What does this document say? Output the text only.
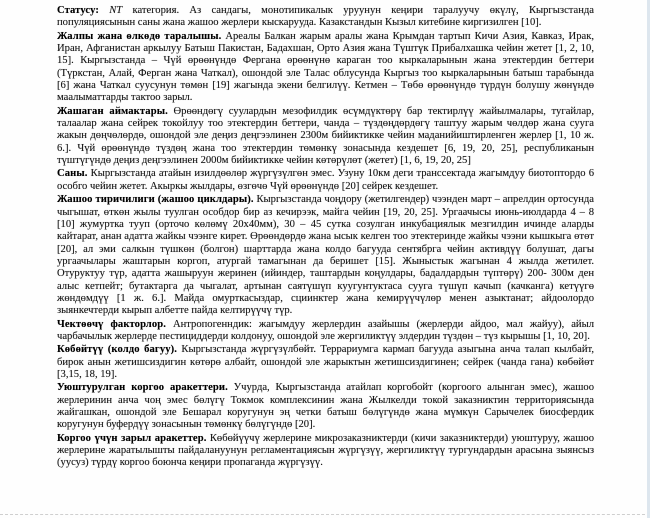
Статусу: NT категория. Аз сандагы, монотипикалык уруунун кеңири таралуучу өкүлү, Кыргызстанда популяциясынын саны жана жашоо жерлери кыскарууда. Казакстандын Кызыл китебине киргизилген [10].

Жалпы жана өлкөдө таралышы. Ареалы Балкан жарым аралы жана Крымдан тартып Кичи Азия, Кавказ, Ирак, Иран, Афганистан аркылуу Батыш Пакистан, Бадахшан, Орто Азия жана Түштүк Прибалхашка чейин жетет [1, 2, 10, 15]. Кыргызстанда – Чүй өрөөнүндө Фергана өрөөнүнө караган тоо кыркаларынын жана этектердин беттери (Түркстан, Алай, Ферган жана Чаткал), ошондой эле Талас облусунда Кыргыз тоо кыркаларынын батыш тарабында [6] жана Чаткал суусунун төмөн [19] жагында экени белгилүү. Кетмен – Төбө өрөөнүндө түрдүн болушу жөнүндө маалыматтарды тактоо зарыл.

Жашаган аймактары. Өрөөндөгү суулардын мезофилдик өсүмдүктөрү бар тектирлүү жайылмалары, тугайлар, талаалар жана сейрек токойлуу тоо этектердин беттери, чанда – түздөңдөрдөгү таштуу жарым чөлдөр жана сууга жакын дөңчөлөрдө, ошондой эле деңиз деңгээлинен 2300м бийиктикке чейин маданийиштирленген жерлер [1, 10 ж. 6.]. Чүй өрөөнүндө түздөң жана тоо этектердин төмөнкү зонасында кездешет [6, 19, 20, 25], республиканын түштүгүндө деңиз деңгээлинен 2000м бийиктикке чейин көтөрүлөт (жетет) [1, 6, 19, 20, 25]

Саны. Кыргызстанда атайын изилдөөлөр жүргүзүлгөн эмес. Узуну 10км деги транссектада жагымдуу биотоптордо 6 особго чейин жетет. Акыркы жылдары, өзгөчө Чүй өрөөнүндө [20] сейрек кездешет.

Жашоо тиричилиги (жашоо циклдары). Кыргызстанда чоңдору (жетилгендер) чээнден март – апрелдин ортосунда чыгышат, өткөн жылы туулган особдор бир аз кечирээк, майга чейин [19, 20, 25]. Ургаачысы июнь-июлдарда 4 – 8 [10] жумуртка тууп (орточо көлөмү 20х40мм), 30 – 45 сутка созулган инкубациялык мезгилдин ичинде аларды кайтарат, анан адатта жайкы чээнге кирет. Өрөөндөрдө жана ысык келген тоо этектеринде жайкы чээни кышкыга өтөт [20], ал эми салкын түшкөн (болгон) шарттарда жана колдо багууда сентябрга чейин активдүү болушат, дагы ургаачылары жаштарын коргоп, атургай тамагынан да беришет [15]. Жыныстык жагынан 4 жылда жетилет. Отуруктуу түр, адатта жашыруун жеринен (ийиндер, таштардын коңулдары, бадалдардын түптөрү) 200- 300м ден алыс кетпейт; бутактарга да чыгалат, артынан саятүшүп куугунтуктаса сууга түшүп качып (качканга) кетүүгө жөндөмдүү [1 ж. 6.]. Майда омурткасыздар, сциинктер жана кемирүүчүлөр менен азыктанат; айдоолордо зыянкечтерди кырып албетте пайда келтирүүчү түр.

Чектөөчү факторлор. Антропогенндик: жагымдуу жерлердин азайышы (жерлерди айдоо, мал жайуу), айыл чарбачылык жерлерде пестициддерди колдонуу, ошондой эле жергиликтүү элдердин түздөн – түз кырышы [1, 10, 20].

Көбөйтүү (колдо багуу). Кыргызстанда жүргүзүлбөйт. Террариумга кармап багууда азыгына анча талап кылбайт, бирок анын жетишсиздигин көтөрө албайт, ошондой эле жарыктын жетишсиздигинен; сейрек (чанда гана) көбөйөт [3,15, 18, 19].

Уюштурулган коргоо аракеттери. Учурда, Кыргызстанда атайлап коргобойт (коргоого алынган эмес), жашоо жерлеринин анча чоң эмес бөлүгү Токмок комплексинин жана Жылкелди токой заказниктин территориясында жайгашкан, ошондой эле Бешарал коругунун эң четки батыш бөлүгүндө жана мүмкүн Сарычелек биосфердик коругунун буфердүү зонасынын төмөнкү бөлүгүндө [20].

Коргоо үчүн зарыл аракеттер. Көбөйүүчү жерлерине микрозаказниктерди (кичи заказниктерди) уюштуруу, жашоо жерлерине жаратылышты пайдалануунун регламентациясын жүргүзүү, жергиликтүү тургундардын арасына зыянсыз (уусуз) түрдү коргоо боюнча кеңири пропаганда жүргүзүү.
